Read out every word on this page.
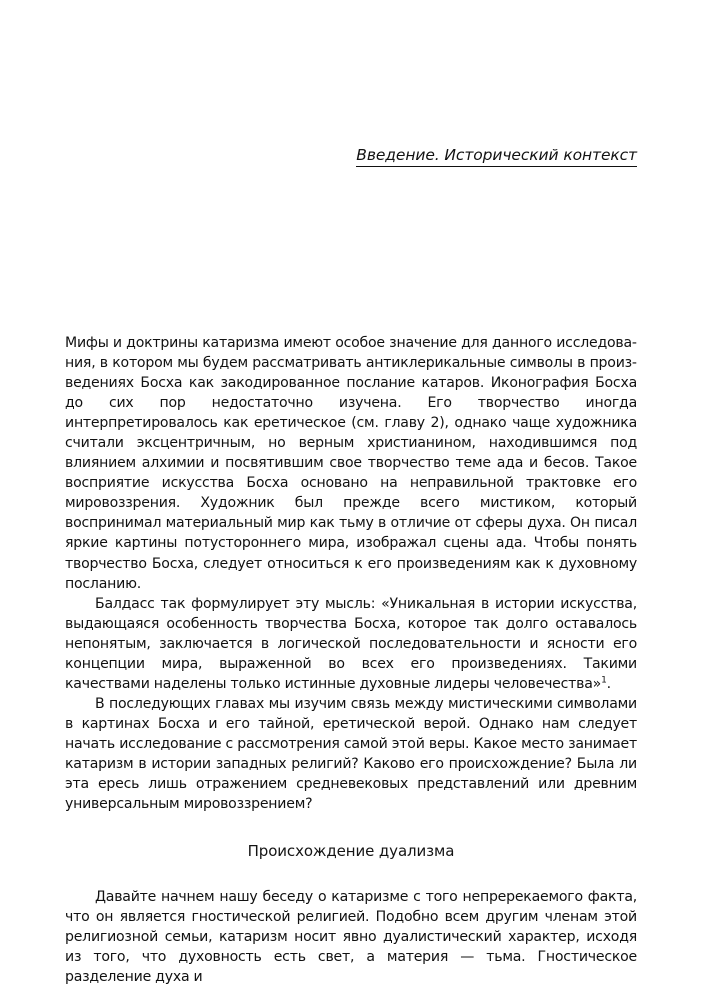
Введение. Исторический контекст

Мифы и доктрины катаризма имеют особое значение для данного исследования, в котором мы будем рассматривать антиклерикальные символы в произведениях Босха как закодированное послание катаров. Иконография Босха до сих пор недостаточно изучена. Его творчество иногда интерпретировалось как еретическое (см. главу 2), однако чаще художника считали эксцентричным, но верным христианином, находившимся под влиянием алхимии и посвятившим свое творчество теме ада и бесов. Такое восприятие искусства Босха основано на неправильной трактовке его мировоззрения. Художник был прежде всего мистиком, который воспринимал материальный мир как тьму в отличие от сферы духа. Он писал яркие картины потустороннего мира, изображал сцены ада. Чтобы понять творчество Босха, следует относиться к его произведениям как к духовному посланию.

Балдасс так формулирует эту мысль: «Уникальная в истории искусства, выдающаяся особенность творчества Босха, которое так долго оставалось непонятым, заключается в логической последовательности и ясности его концепции мира, выраженной во всех его произведениях. Такими качествами наделены только истинные духовные лидеры человечества»$^1$.

В последующих главах мы изучим связь между мистическими символами в картинах Босха и его тайной, еретической верой. Однако нам следует начать исследование с рассмотрения самой этой веры. Какое место занимает катаризм в истории западных религий? Каково его происхождение? Была ли эта ересь лишь отражением средневековых представлений или древним универсальным мировоззрением?

Происхождение дуализма

Давайте начнем нашу беседу о катаризме с того непререкаемого факта, что он является гностической религией. Подобно всем другим членам этой религиозной семьи, катаризм носит явно дуалистический характер, исходя из того, что духовность есть свет, а материя — тьма. Гностическое разделение духа и
